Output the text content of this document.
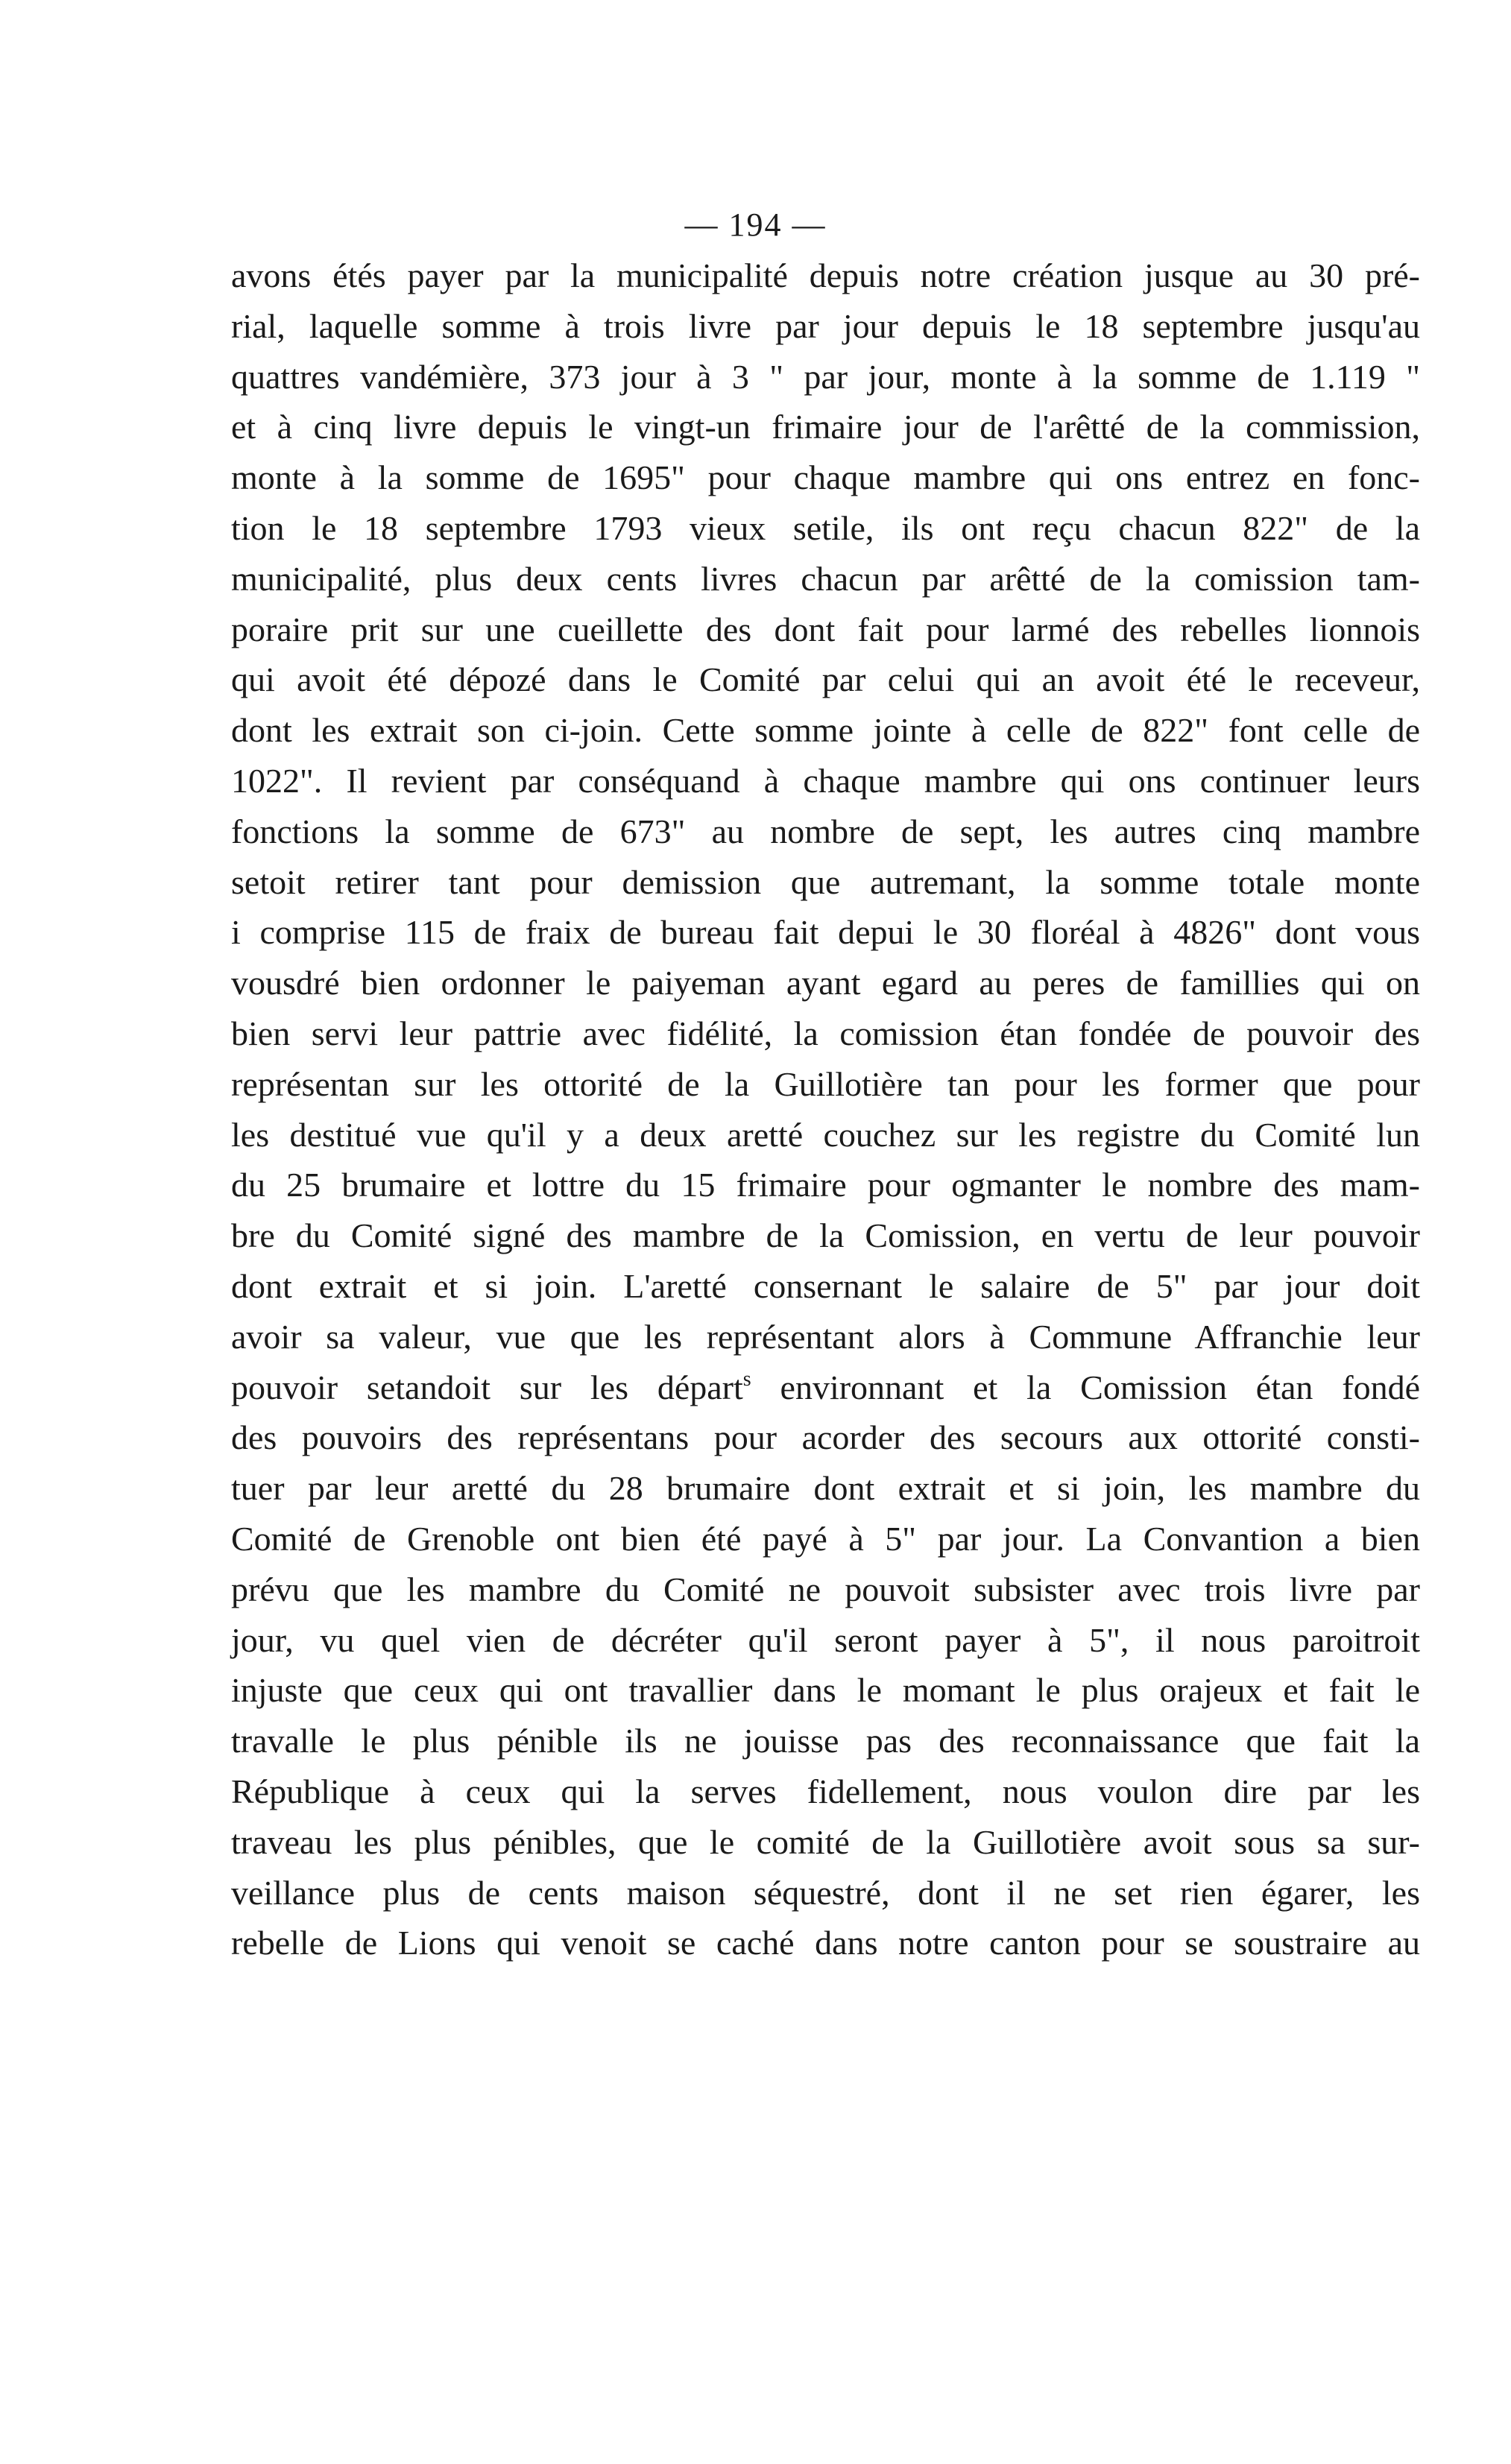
— 194 —
avons étés payer par la municipalité depuis notre création jusque au 30 pré-
rial, laquelle somme à trois livre par jour depuis le 18 septembre jusqu'au
quattres vandémière, 373 jour à 3 " par jour, monte à la somme de 1.119 "
et à cinq livre depuis le vingt-un frimaire jour de l'arêtté de la commission,
monte à la somme de 1695" pour chaque mambre qui ons entrez en fonc-
tion le 18 septembre 1793 vieux setile, ils ont reçu chacun 822" de la
municipalité, plus deux cents livres chacun par arêtté de la comission tam-
poraire prit sur une cueillette des dont fait pour larmé des rebelles lionnois
qui avoit été dépozé dans le Comité par celui qui an avoit été le receveur,
dont les extrait son ci-join. Cette somme jointe à celle de 822" font celle de
1022". Il revient par conséquand à chaque mambre qui ons continuer leurs
fonctions la somme de 673" au nombre de sept, les autres cinq mambre
setoit retirer tant pour demission que autremant, la somme totale monte
i comprise 115 de fraix de bureau fait depui le 30 floréal à 4826" dont vous
vousdré bien ordonner le paiyeman ayant egard au peres de famillies qui on
bien servi leur pattrie avec fidélité, la comission étan fondée de pouvoir des
représentan sur les ottorité de la Guillotière tan pour les former que pour
les destitué vue qu'il y a deux aretté couchez sur les registre du Comité lun
du 25 brumaire et lottre du 15 frimaire pour ogmanter le nombre des mam-
bre du Comité signé des mambre de la Comission, en vertu de leur pouvoir
dont extrait et si join. L'aretté consernant le salaire de 5" par jour doit
avoir sa valeur, vue que les représentant alors à Commune Affranchie leur
pouvoir setandoit sur les départ$^s$ environnant et la Comission étan fondé
des pouvoirs des représentans pour acorder des secours aux ottorité consti-
tuer par leur aretté du 28 brumaire dont extrait et si join, les mambre du
Comité de Grenoble ont bien été payé à 5" par jour. La Convantion a bien
prévu que les mambre du Comité ne pouvoit subsister avec trois livre par
jour, vu quel vien de décréter qu'il seront payer à 5", il nous paroitroit
injuste que ceux qui ont travallier dans le momant le plus orajeux et fait le
travalle le plus pénible ils ne jouisse pas des reconnaissance que fait la
République à ceux qui la serves fidellement, nous voulon dire par les
traveau les plus pénibles, que le comité de la Guillotière avoit sous sa sur-
veillance plus de cents maison séquestré, dont il ne set rien égarer, les
rebelle de Lions qui venoit se caché dans notre canton pour se soustraire au
